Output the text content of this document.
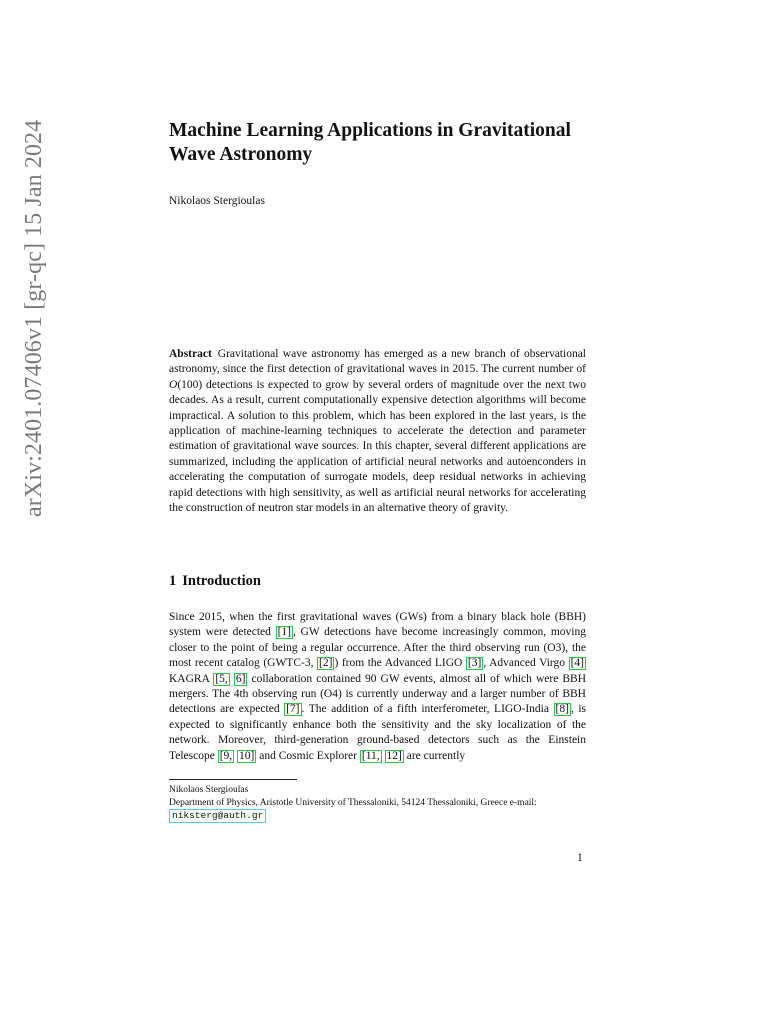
arXiv:2401.07406v1 [gr-qc] 15 Jan 2024	Machine Learning Applications in Gravitational Wave Astronomy

Nikolaos Stergioulas

Abstract Gravitational wave astronomy has emerged as a new branch of observational astronomy, since the first detection of gravitational waves in 2015. The current number of O(100) detections is expected to grow by several orders of magnitude over the next two decades. As a result, current computationally expensive detection algorithms will become impractical. A solution to this problem, which has been explored in the last years, is the application of machine-learning techniques to accelerate the detection and parameter estimation of gravitational wave sources. In this chapter, several different applications are summarized, including the application of artificial neural networks and autoenconders in accelerating the computation of surrogate models, deep residual networks in achieving rapid detections with high sensitivity, as well as artificial neural networks for accelerating the construction of neutron star models in an alternative theory of gravity.

1 Introduction

Since 2015, when the first gravitational waves (GWs) from a binary black hole (BBH) system were detected [1] , GW detections have become increasingly common, moving closer to the point of being a regular occurrence. After the third observing run (O3), the most recent catalog (GWTC-3, [2] ) from the Advanced LIGO [3] , Advanced Virgo [4] KAGRA [5, 6] collaboration contained 90 GW events, almost all of which were BBH mergers. The 4th observing run (O4) is currently underway and a larger number of BBH detections are expected [7] . The addition of a fifth interferometer, LIGO-India [8] , is expected to significantly enhance both the sensitivity and the sky localization of the network. Moreover, third-generation ground-based detectors such as the Einstein Telescope [9, 10] and Cosmic Explorer [11, 12] are currently

Nikolaos Stergioulas
Department of Physics, Aristotle University of Thessaloniki, 54124 Thessaloniki, Greece e-mail:
niksterg@auth.gr

1
